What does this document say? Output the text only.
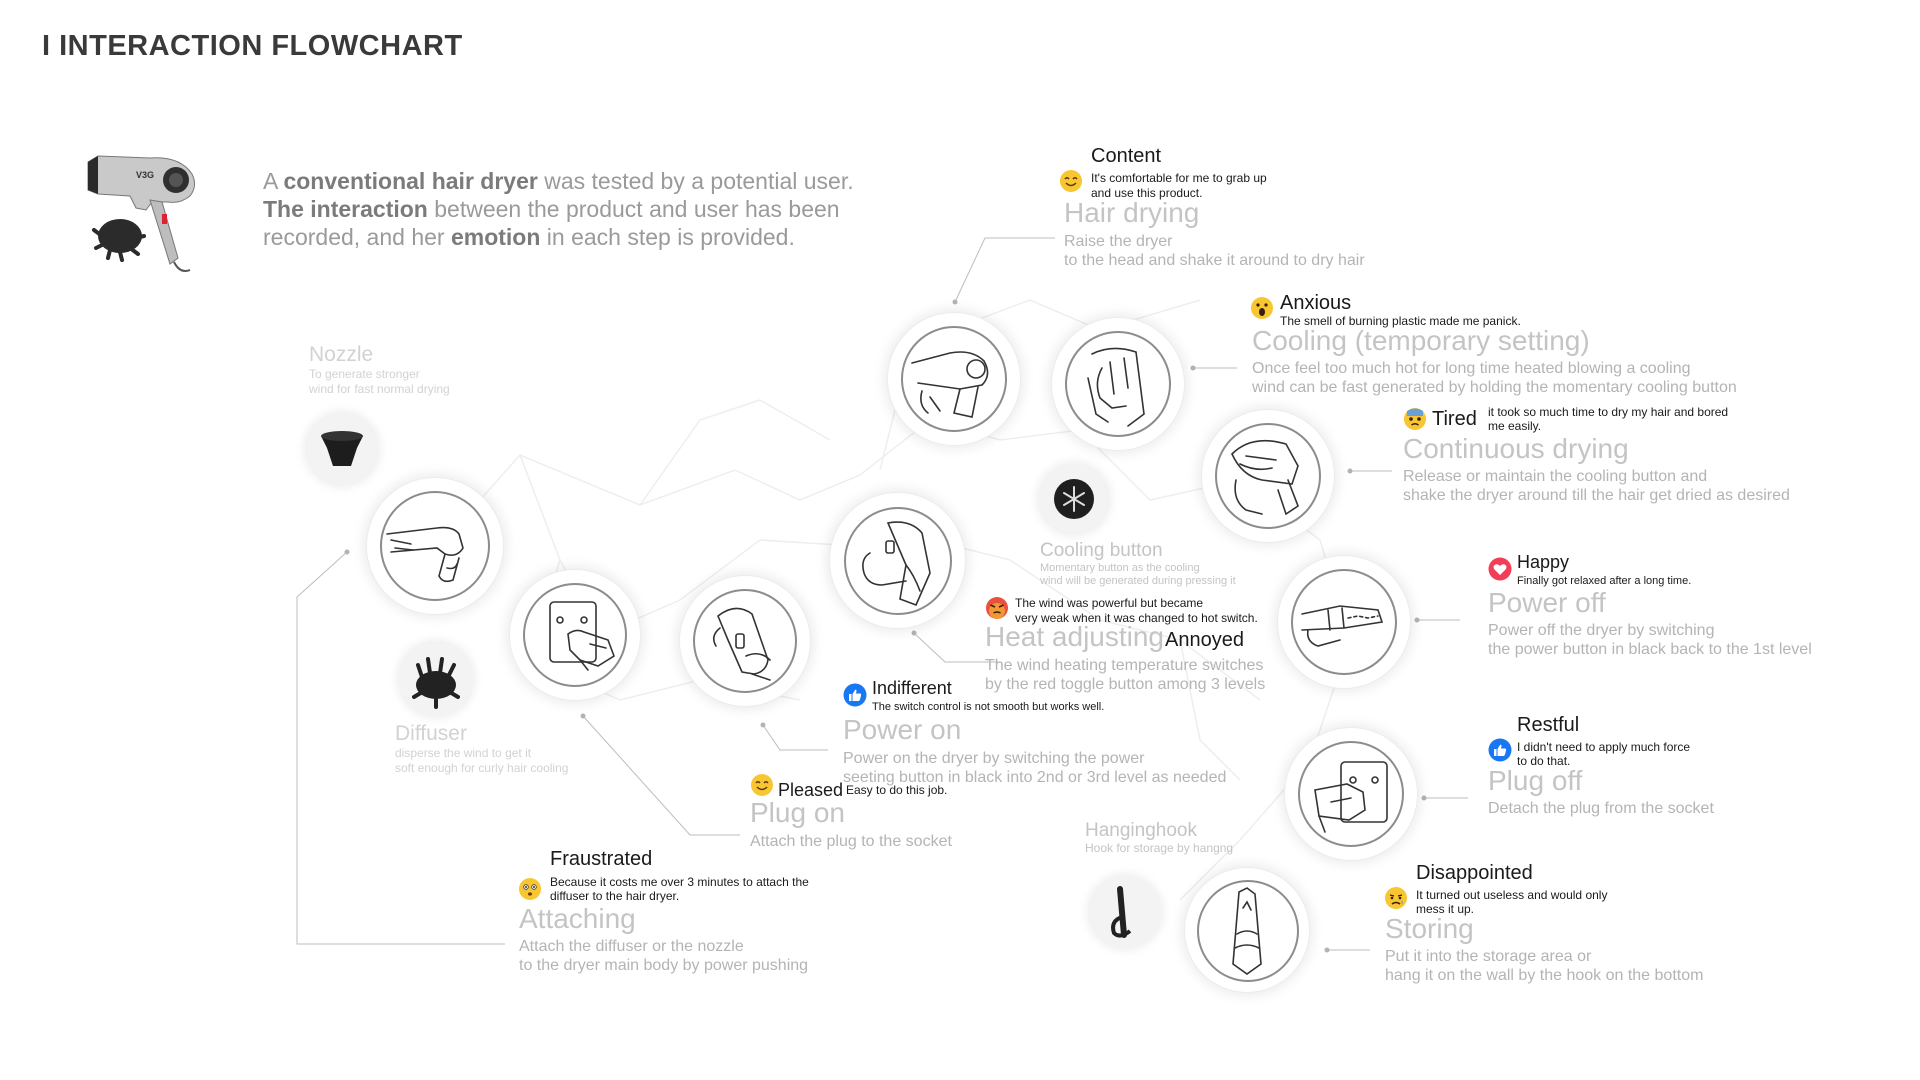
I INTERACTION FLOWCHART
V3G	A conventional hair dryer was tested by a potential user.
The interaction between the product and user has been recorded, and her emotion in each step is provided.
Nozzle
To generate stronger
wind for fast normal drying
Diffuser
disperse the wind to get it
soft enough for curly hair cooling
Cooling button
Momentary button as the cooling
wind will be generated during pressing it
Hanginghook
Hook for storage by hangng
Fraustrated
Because it costs me over 3 minutes to attach the
diffuser to the hair dryer.
Attaching
Attach the diffuser or the nozzle
to the dryer main body by power pushing
Pleased Easy to do this job.
Plug on
Attach the plug to the socket
Indifferent
The switch control is not smooth but works well.
Power on
Power on the dryer by switching the power
seeting button in black into 2nd or 3rd level as needed
The wind was powerful but became
very weak when it was changed to hot switch.
Heat adjusting Annoyed
The wind heating temperature switches
by the red toggle button among 3 levels
Content
It's comfortable for me to grab up
and use this product.
Hair drying
Raise the dryer
to the head and shake it around to dry hair
Anxious
The smell of burning plastic made me panick.
Cooling (temporary setting)
Once feel too much hot for long time heated blowing a cooling
wind can be fast generated by holding the momentary cooling button
Tired it took so much time to dry my hair and bored
me easily.
Continuous drying
Release or maintain the cooling button and
shake the dryer around till the hair get dried as desired
Happy
Finally got relaxed after a long time.
Power off
Power off the dryer by switching
the power button in black back to the 1st level
Restful
I didn't need to apply much force
to do that.
Plug off
Detach the plug from the socket
Disappointed
It turned out useless and would only
mess it up.
Storing
Put it into the storage area or
hang it on the wall by the hook on the bottom
